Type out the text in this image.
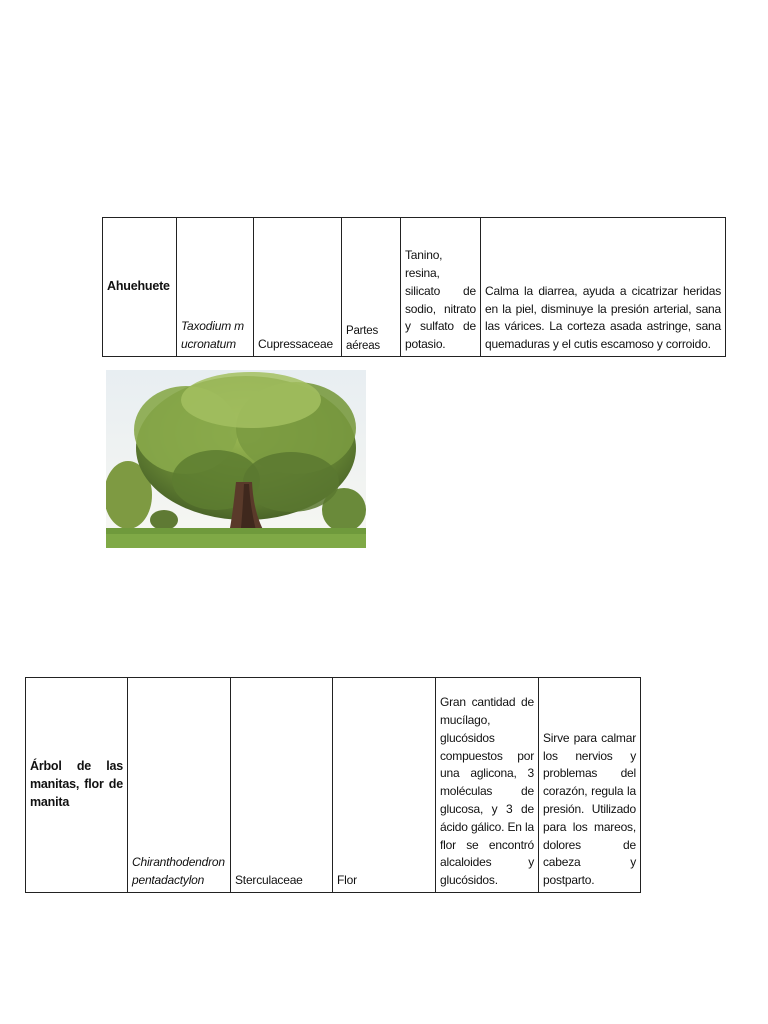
Ahuehuete	Taxodium mucronatum	Cupressaceae	Partes aéreas	Tanino, resina, silicato de sodio, nitrato y sulfato de potasio.	Calma la diarrea, ayuda a cicatrizar heridas en la piel, disminuye la presión arterial, sana las várices. La corteza asada astringe, sana quemaduras y el cutis escamoso y corroido.
Árbol de las manitas, flor de manita	Chiranthodendron pentadactylon	Sterculaceae	Flor	Gran cantidad de mucílago, glucósidos compuestos por una aglicona, 3 moléculas de glucosa, y 3 de ácido gálico. En la flor se encontró alcaloides y glucósidos.	Sirve para calmar los nervios y problemas del corazón, regula la presión. Utilizado para los mareos, dolores de cabeza y postparto.
